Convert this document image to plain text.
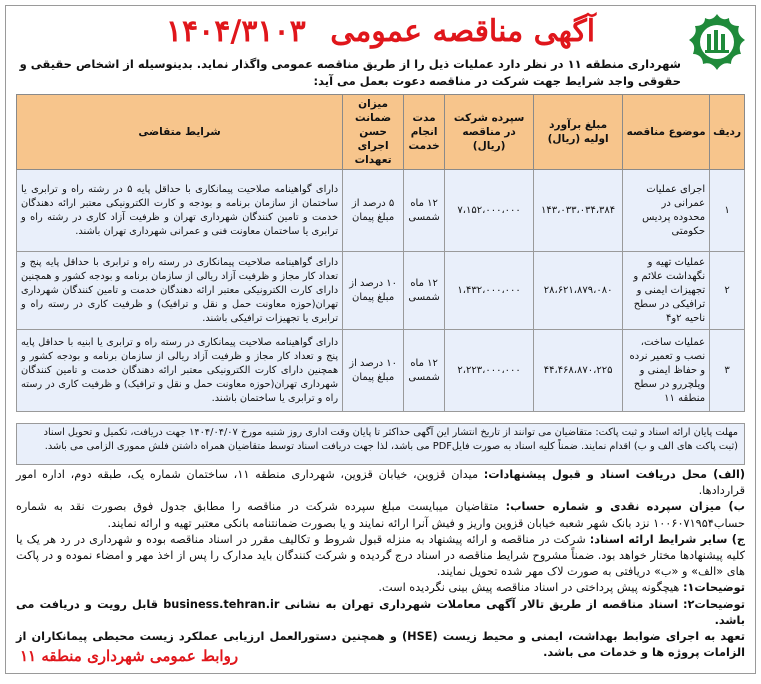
آگهی مناقصه عمومی ۱۴۰۴/۳۱۰۳
شهرداری منطقه ۱۱ در نظر دارد عملیات ذیل را از طریق مناقصه عمومی واگذار نماید. بدینوسیله از اشخاص حقیقی و حقوقی واجد شرایط جهت شرکت در مناقصه دعوت بعمل می آید:
ردیف	موضوع مناقصه	مبلغ برآورد اولیه (ریال)	سپرده شرکت در مناقصه (ریال)	مدت انجام خدمت	میزان ضمانت حسن اجرای تعهدات	شرایط متقاضی
۱	اجرای عملیات عمرانی در محدوده پردیس حکومتی	۱۴۳،۰۳۳،۰۳۴،۳۸۴	۷،۱۵۲،۰۰۰،۰۰۰	۱۲ ماه شمسی	۵ درصد از مبلغ پیمان	دارای گواهینامه صلاحیت پیمانکاری با حداقل پایه ۵ در رشته راه و ترابری یا ساختمان از سازمان برنامه و بودجه و کارت الکترونیکی معتبر ارائه دهندگان خدمت و تامین کنندگان شهرداری تهران و ظرفیت آزاد کاری در رشته راه و ترابری یا ساختمان معاونت فنی و عمرانی شهرداری تهران باشند.
۲	عملیات تهیه و نگهداشت علائم و تجهیزات ایمنی و ترافیکی در سطح ناحیه ۲و۴	۲۸،۶۲۱،۸۷۹،۰۸۰	۱،۴۳۲،۰۰۰،۰۰۰	۱۲ ماه شمسی	۱۰ درصد از مبلغ پیمان	دارای گواهینامه صلاحیت پیمانکاری در رسته راه و ترابری با حداقل پایه پنج و تعداد کار مجاز و ظرفیت آزاد ریالی از سازمان برنامه و بودجه کشور و همچنین دارای کارت الکترونیکی معتبر ارائه دهندگان خدمت و تامین کنندگان شهرداری تهران(حوزه معاونت حمل و نقل و ترافیک) و ظرفیت کاری در رسته راه و ترابری یا تجهیزات ترافیکی باشند.
۳	عملیات ساخت، نصب و تعمیر نرده و حفاظ ایمنی و ویلچررو در سطح منطقه ۱۱	۴۴،۴۶۸،۸۷۰،۲۲۵	۲،۲۲۳،۰۰۰،۰۰۰	۱۲ ماه شمسی	۱۰ درصد از مبلغ پیمان	دارای گواهینامه صلاحیت پیمانکاری در رسته راه و ترابری یا ابنیه با حداقل پایه پنج و تعداد کار مجاز و ظرفیت آزاد ریالی از سازمان برنامه و بودجه کشور و همچنین دارای کارت الکترونیکی معتبر ارائه دهندگان خدمت و تامین کنندگان شهرداری تهران(حوزه معاونت حمل و نقل و ترافیک) و ظرفیت کاری در رسته راه و ترابری یا ساختمان باشند.
مهلت پایان ارائه اسناد و ثبت پاکت: متقاضیان می توانند از تاریخ انتشار این آگهی حداکثر تا پایان وقت اداری روز شنبه مورخ ۱۴۰۴/۰۴/۰۷ جهت دریافت، تکمیل و تحویل اسناد (ثبت پاکت های الف و ب) اقدام نمایند. ضمناً کلیه اسناد به صورت فایلPDF می باشد، لذا جهت دریافت اسناد توسط متقاضیان همراه داشتن فلش مموری الزامی می باشد.

(الف) محل دریافت اسناد و قبول پیشنهادات: میدان قزوین، خیابان قزوین، شهرداری منطقه ۱۱، ساختمان شماره یک، طبقه دوم، اداره امور قراردادها.

ب) میزان سپرده نقدی و شماره حساب: متقاضیان میبایست مبلغ سپرده شرکت در مناقصه را مطابق جدول فوق بصورت نقد به شماره حساب۱۰۰۶۰۷۱۹۵۴ نزد بانک شهر شعبه خیابان قزوین واریز و فیش آنرا ارائه نمایند و یا بصورت ضمانتنامه بانکی معتبر تهیه و ارائه نمایند.

ج) سایر شرایط ارائه اسناد: شرکت در مناقصه و ارائه پیشنهاد به منزله قبول شروط و تکالیف مقرر در اسناد مناقصه بوده و شهرداری در رد هر یک یا کلیه پیشنهادها مختار خواهد بود. ضمناً مشروح شرایط مناقصه در اسناد درج گردیده و شرکت کنندگان باید مدارک را پس از اخذ مهر و امضاء نموده و در پاکت های «الف» و «ب» دریافتی به صورت لاک مهر شده تحویل نمایند.

توضیحات۱: هیچگونه پیش پرداختی در اسناد مناقصه پیش بینی نگردیده است.

توضیحات۲: اسناد مناقصه از طریق تالار آگهی معاملات شهرداری تهران به نشانی business.tehran.ir قابل رویت و دریافت می باشد.

تعهد به اجرای ضوابط بهداشت، ایمنی و محیط زیست (HSE) و همچنین دستورالعمل ارزیابی عملکرد زیست محیطی پیمانکاران از الزامات پروژه ها و خدمات می باشد.

روابط عمومی شهرداری منطقه ۱۱
